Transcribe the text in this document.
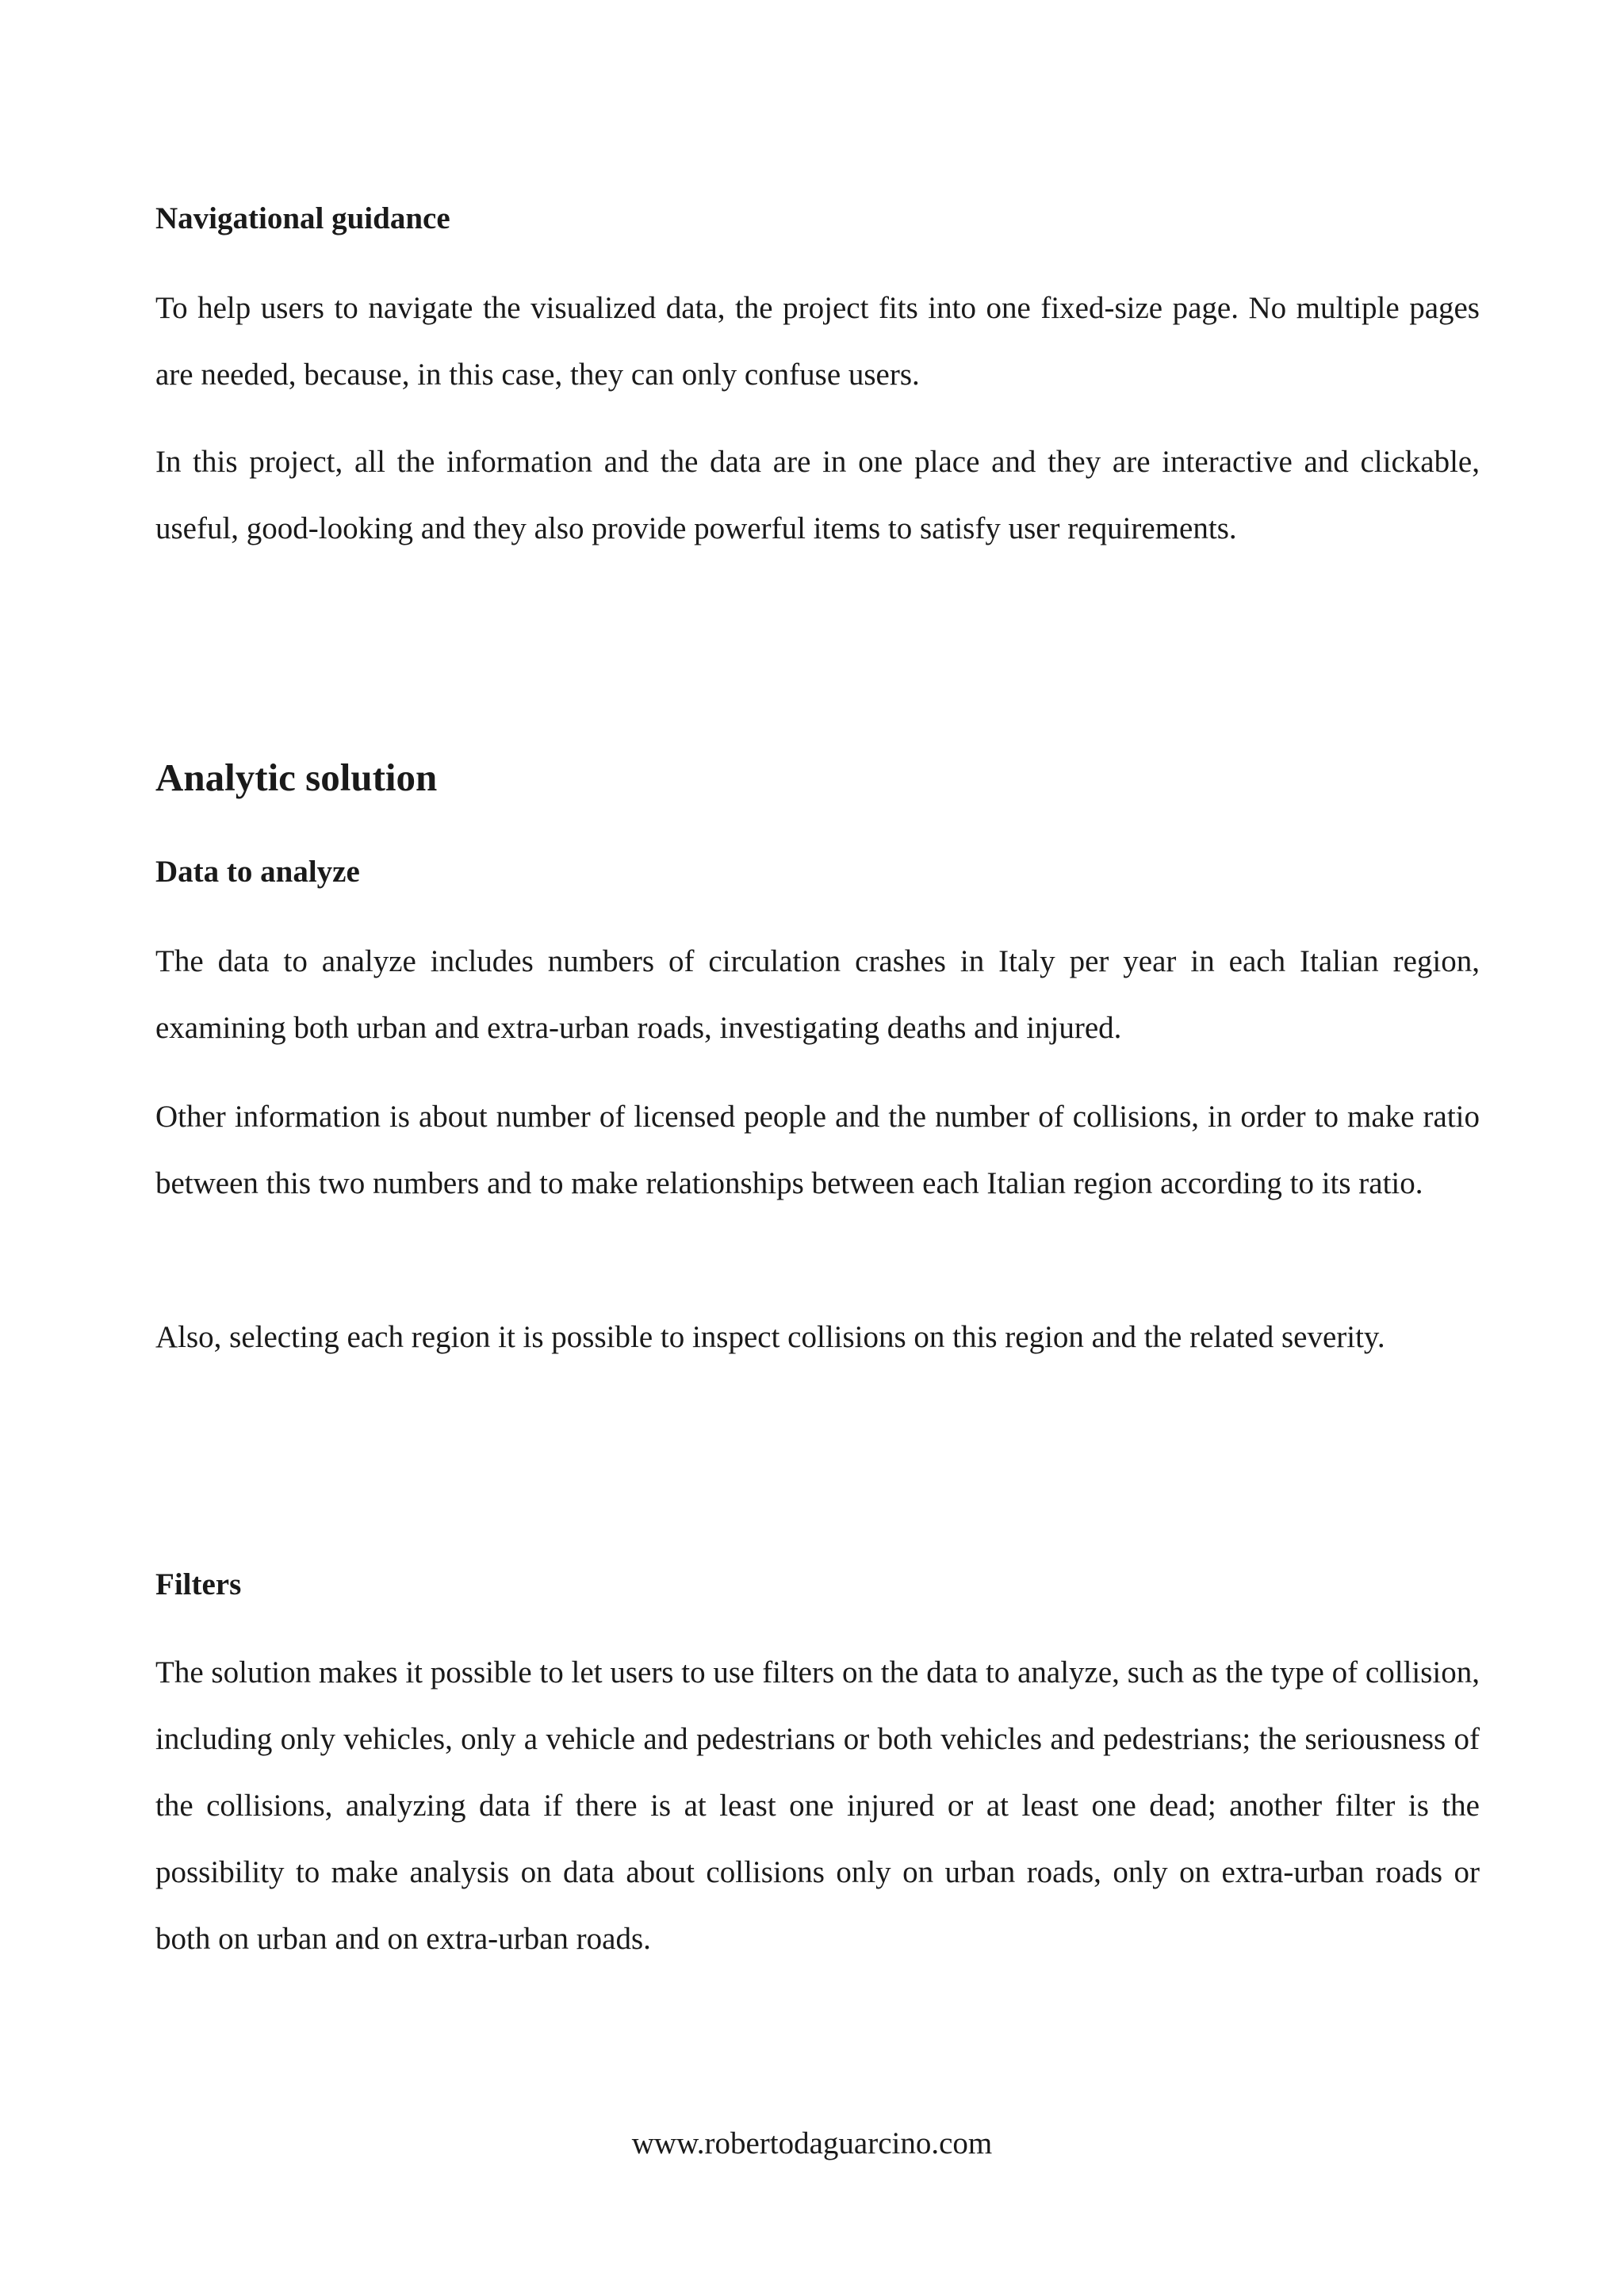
Navigational guidance

To help users to navigate the visualized data, the project fits into one fixed-size page. No multiple pages are needed, because, in this case, they can only confuse users.

In this project, all the information and the data are in one place and they are interactive and clickable, useful, good-looking and they also provide powerful items to satisfy user requirements.

Analytic solution
Data to analyze

The data to analyze includes numbers of circulation crashes in Italy per year in each Italian region, examining both urban and extra-urban roads, investigating deaths and injured.

Other information is about number of licensed people and the number of collisions, in order to make ratio between this two numbers and to make relationships between each Italian region according to its ratio.

Also, selecting each region it is possible to inspect collisions on this region and the related severity.

Filters

The solution makes it possible to let users to use filters on the data to analyze, such as the type of collision, including only vehicles, only a vehicle and pedestrians or both vehicles and pedestrians; the seriousness of the collisions, analyzing data if there is at least one injured or at least one dead; another filter is the possibility to make analysis on data about collisions only on urban roads, only on extra-urban roads or both on urban and on extra-urban roads.

www.robertodaguarcino.com
